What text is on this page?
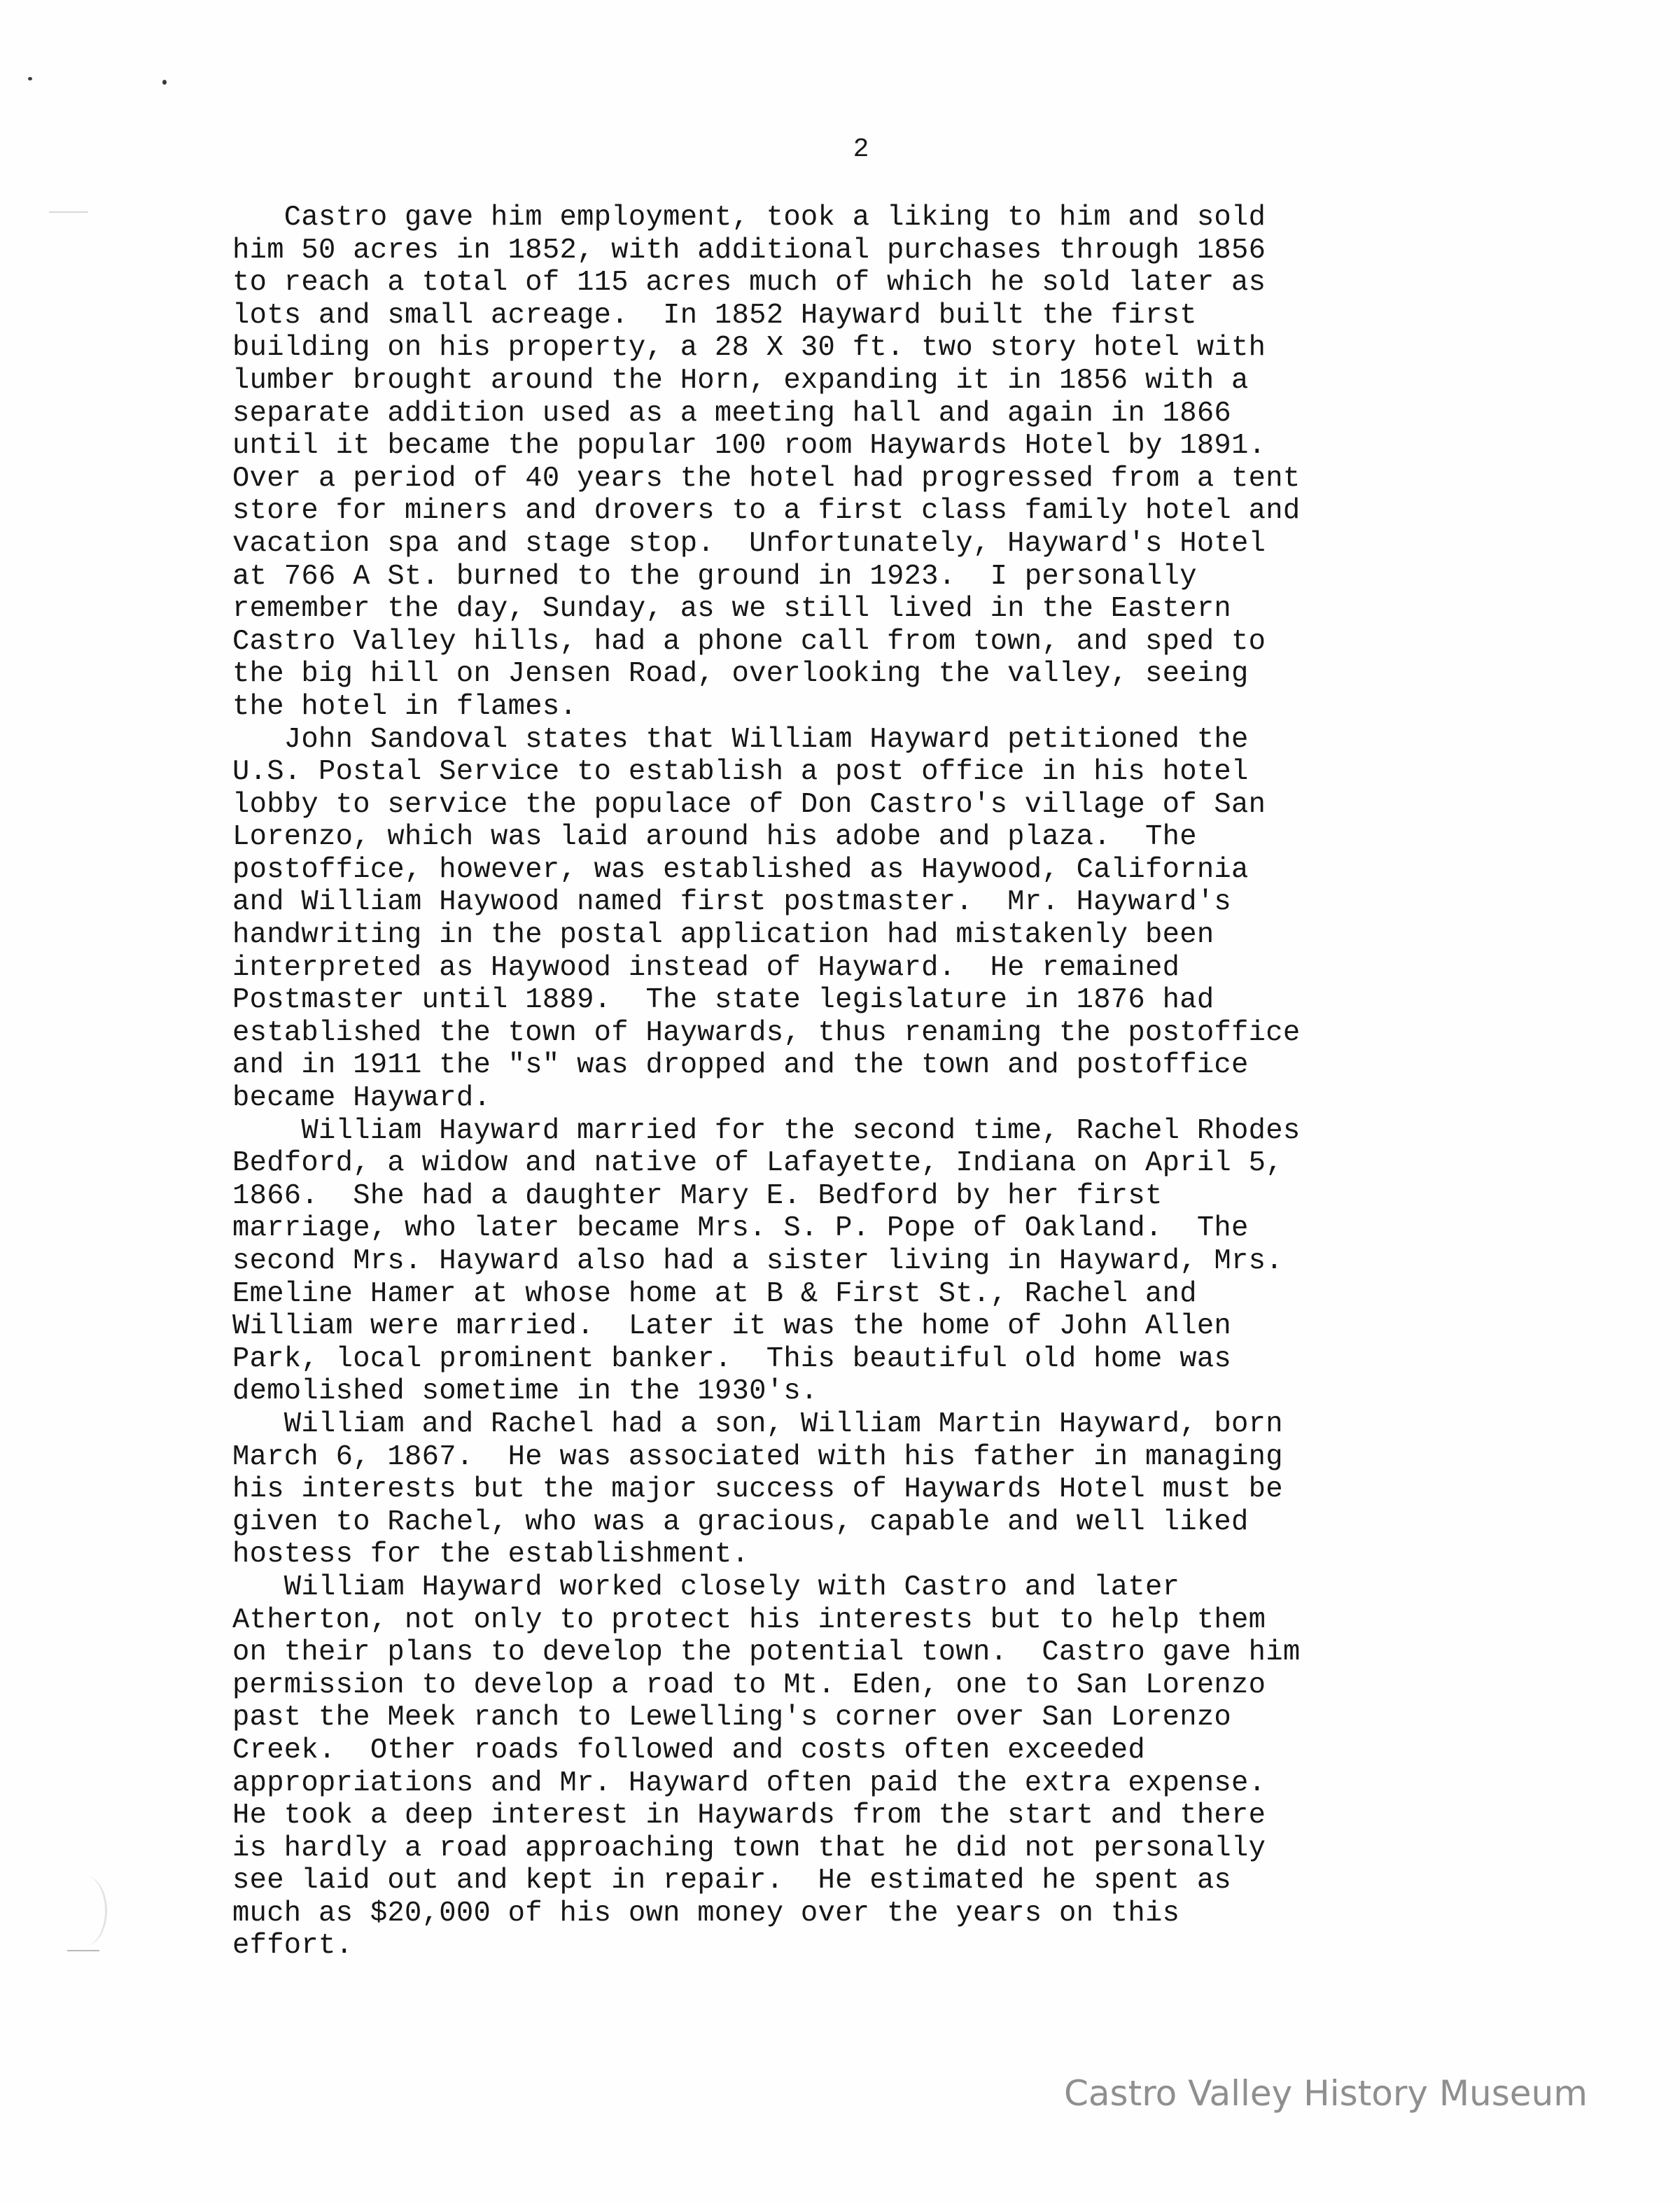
2
Castro gave him employment, took a liking to him and sold
him 50 acres in 1852, with additional purchases through 1856
to reach a total of 115 acres much of which he sold later as
lots and small acreage.  In 1852 Hayward built the first
building on his property, a 28 X 30 ft. two story hotel with
lumber brought around the Horn, expanding it in 1856 with a
separate addition used as a meeting hall and again in 1866
until it became the popular 100 room Haywards Hotel by 1891.
Over a period of 40 years the hotel had progressed from a tent
store for miners and drovers to a first class family hotel and
vacation spa and stage stop.  Unfortunately, Hayward's Hotel
at 766 A St. burned to the ground in 1923.  I personally
remember the day, Sunday, as we still lived in the Eastern
Castro Valley hills, had a phone call from town, and sped to
the big hill on Jensen Road, overlooking the valley, seeing
the hotel in flames.
John Sandoval states that William Hayward petitioned the
U.S. Postal Service to establish a post office in his hotel
lobby to service the populace of Don Castro's village of San
Lorenzo, which was laid around his adobe and plaza.  The
postoffice, however, was established as Haywood, California
and William Haywood named first postmaster.  Mr. Hayward's
handwriting in the postal application had mistakenly been
interpreted as Haywood instead of Hayward.  He remained
Postmaster until 1889.  The state legislature in 1876 had
established the town of Haywards, thus renaming the postoffice
and in 1911 the "s" was dropped and the town and postoffice
became Hayward.
William Hayward married for the second time, Rachel Rhodes
Bedford, a widow and native of Lafayette, Indiana on April 5,
1866.  She had a daughter Mary E. Bedford by her first
marriage, who later became Mrs. S. P. Pope of Oakland.  The
second Mrs. Hayward also had a sister living in Hayward, Mrs.
Emeline Hamer at whose home at B & First St., Rachel and
William were married.  Later it was the home of John Allen
Park, local prominent banker.  This beautiful old home was
demolished sometime in the 1930's.
William and Rachel had a son, William Martin Hayward, born
March 6, 1867.  He was associated with his father in managing
his interests but the major success of Haywards Hotel must be
given to Rachel, who was a gracious, capable and well liked
hostess for the establishment.
William Hayward worked closely with Castro and later
Atherton, not only to protect his interests but to help them
on their plans to develop the potential town.  Castro gave him
permission to develop a road to Mt. Eden, one to San Lorenzo
past the Meek ranch to Lewelling's corner over San Lorenzo
Creek.  Other roads followed and costs often exceeded
appropriations and Mr. Hayward often paid the extra expense.
He took a deep interest in Haywards from the start and there
is hardly a road approaching town that he did not personally
see laid out and kept in repair.  He estimated he spent as
much as $20,000 of his own money over the years on this
effort.
Castro Valley History Museum
